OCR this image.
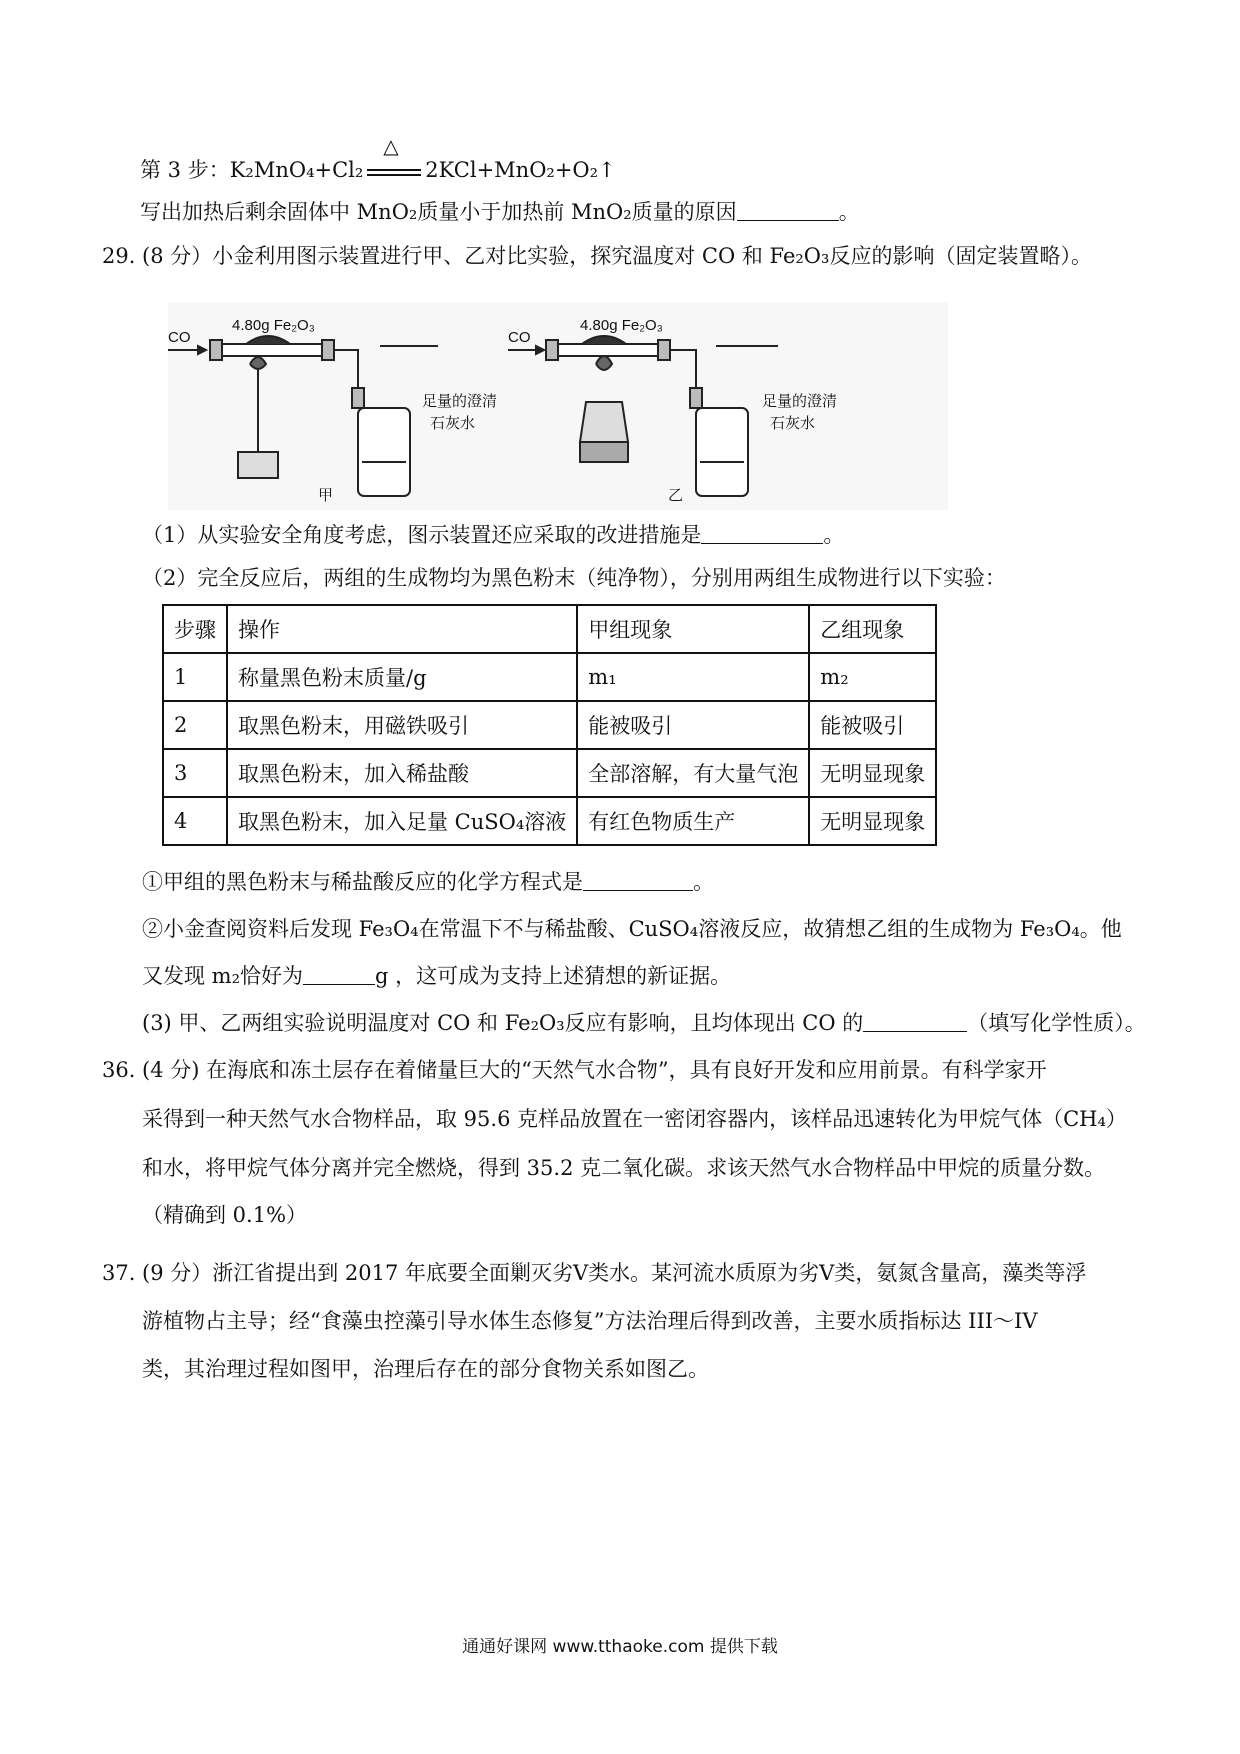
第 3 步：K₂MnO₄+Cl₂
△
2KCl+MnO₂+O₂↑
写出加热后剩余固体中 MnO₂质量小于加热前 MnO₂质量的原因	。
29. (8 分）小金利用图示装置进行甲、乙对比实验，探究温度对 CO 和 Fe₂O₃反应的影响（固定装置略）。
CO
4.80g Fe₂O₃
足量的澄清
石灰水
甲
CO
4.80g Fe₂O₃
足量的澄清
石灰水
乙
（1）从实验安全角度考虑，图示装置还应采取的改进措施是	。
（2）完全反应后，两组的生成物均为黑色粉末（纯净物），分别用两组生成物进行以下实验：
步骤	操作	甲组现象	乙组现象
1	称量黑色粉末质量/g	m₁	m₂
2	取黑色粉末，用磁铁吸引	能被吸引	能被吸引
3	取黑色粉末，加入稀盐酸	全部溶解，有大量气泡	无明显现象
4	取黑色粉末，加入足量 CuSO₄溶液	有红色物质生产	无明显现象
①甲组的黑色粉末与稀盐酸反应的化学方程式是	。
②小金查阅资料后发现 Fe₃O₄在常温下不与稀盐酸、CuSO₄溶液反应，故猜想乙组的生成物为 Fe₃O₄。他
又发现 m₂恰好为	g ，这可成为支持上述猜想的新证据。
(3) 甲、乙两组实验说明温度对 CO 和 Fe₂O₃反应有影响，且均体现出 CO 的	（填写化学性质）。
36. (4 分) 在海底和冻土层存在着储量巨大的“天然气水合物”，具有良好开发和应用前景。有科学家开
采得到一种天然气水合物样品，取 95.6 克样品放置在一密闭容器内，该样品迅速转化为甲烷气体（CH₄）
和水，将甲烷气体分离并完全燃烧，得到 35.2 克二氧化碳。求该天然气水合物样品中甲烷的质量分数。
（精确到 0.1%）
37. (9 分）浙江省提出到 2017 年底要全面剿灭劣Ⅴ类水。某河流水质原为劣Ⅴ类，氨氮含量高，藻类等浮
游植物占主导；经“食藻虫控藻引导水体生态修复”方法治理后得到改善，主要水质指标达 III～IV
类，其治理过程如图甲，治理后存在的部分食物关系如图乙。
通通好课网 www.tthaoke.com 提供下载
